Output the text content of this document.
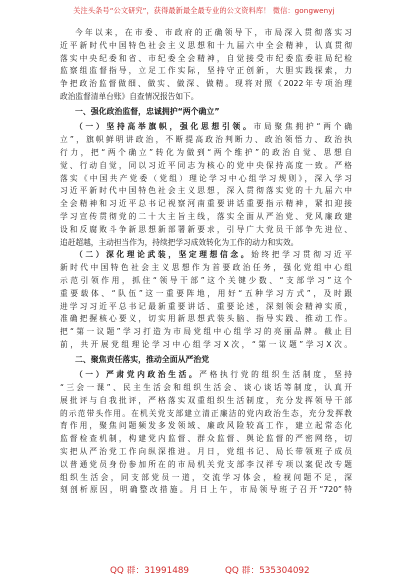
关注头条号“公文研究”，获得最新最全最专业的公文资料库！ 微信：gongwenyj
今年以来，在市委、市政府的正确领导下，市局深入贯彻落实习
近平新时代中国特色社会主义思想和十九届六中全会精神，认真贯彻
落实中央纪委和省、市纪委全会精神，自觉接受市纪委监委驻局纪检
监察组监督指导，立足工作实际，坚持守正创新，大胆实践探索，力
争把政治监督做细、做实、做深、做精。现将对照《2022年专项治理
政治监督清单台账》自查情况报告如下。
一、强化政治监督，忠诚拥护“两个确立”
（一）坚持高举旗帜，强化思想引领。市局聚焦拥护“两个确
立”，旗帜鲜明讲政治，不断提高政治判断力、政治领悟力、政治执
行力，把“两个确立”转化为做到“两个维护”的政治自觉、思想自
觉、行动自觉，同以习近平同志为核心的党中央保持高度一致。严格
落实《中国共产党委（党组）理论学习中心组学习规则》，深入学习
习近平新时代中国特色社会主义思想，深入贯彻落实党的十九届六中
全会精神和习近平总书记视察河南重要讲话重要指示精神，紧扣迎接
学习宣传贯彻党的二十大主旨主线，落实全面从严治党、党风廉政建
设和反腐败斗争新思想新部署新要求，引导广大党员干部争先进位、
追赶超越，主动担当作为，持续把学习成效转化为工作的动力和实效。
（二）深化理论武装，坚定理想信念。始终把学习贯彻习近平
新时代中国特色社会主义思想作为首要政治任务，强化党组中心组
示范引领作用，抓住“领导干部”这个关键少数、“支部学习”这个
重要载体、“队伍”这一重要阵地，用好“五种学习方式”，及时跟
进学习习近平总书记最新重要讲话、重要论述，深刻领会精神实质，
准确把握核心要义，切实用新思想武装头脑、指导实践、推动工作。
把“第一议题”学习打造为市局党组中心组学习的亮丽品牌。截止目
前，共开展党组理论学习中心组学习X次，“第一议题”学习X次。
二、聚焦责任落实，推动全面从严治党
（一）严肃党内政治生活。严格执行党的组织生活制度，坚持
“三会一课”、民主生活会和组织生活会、谈心谈话等制度，认真开
展批评与自我批评，严格落实双重组织生活制度，充分发挥领导干部
的示范带头作用。在机关党支部建立清正廉洁的党内政治生态，充分发挥教
育作用，聚焦问题频发多发领域、廉政风险较高工作，建立起常态化
监督检查机制，构建党内监督、群众监督、舆论监督的严密网络，切
实把从严治党工作向纵深推进。月日，党组书记、局长带领班子成员
以普通党员身份参加所在的市局机关党支部李汉祥专项以案促改专题
组织生活会，同支部党员一道，交流学习体会，检视问题不足，深
刻剖析原因，明确整改措施。月日上午，市局领导班子召开“720”特
QQ 群：31991489	QQ 群：535304092
